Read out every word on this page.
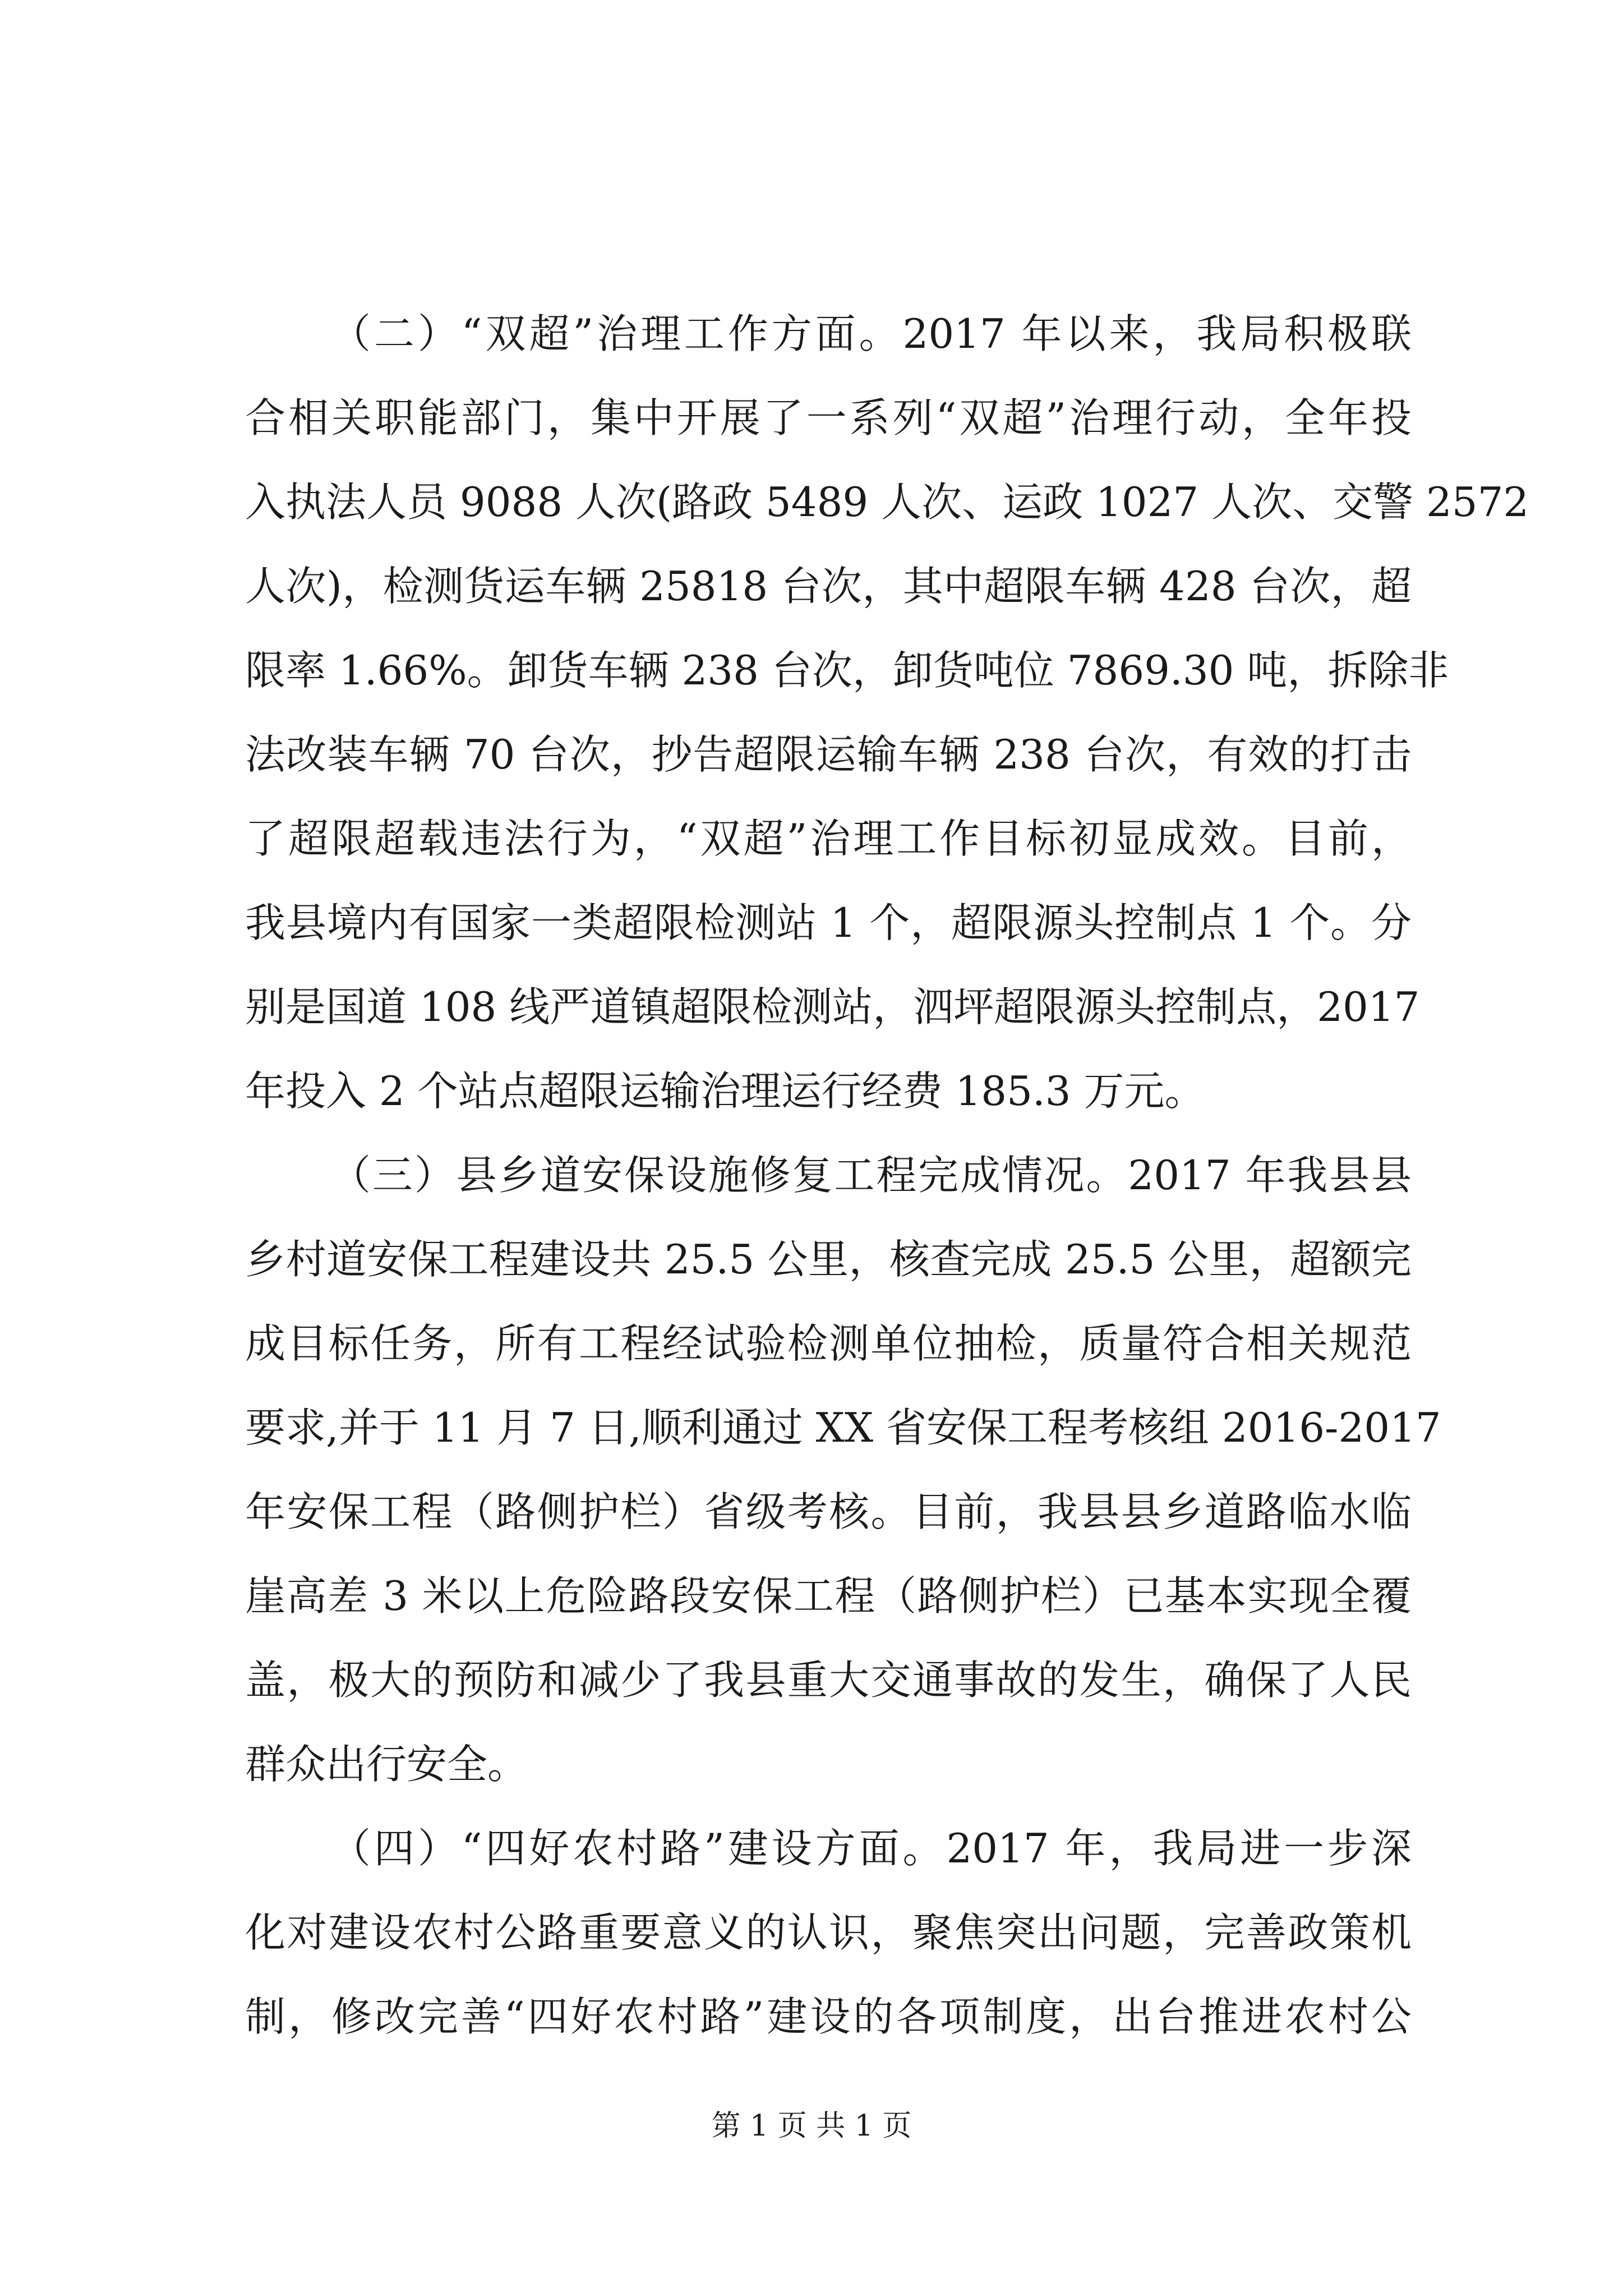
（二）“双超”治理工作方面。2017 年以来，我局积极联
合相关职能部门，集中开展了一系列“双超”治理行动，全年投
入执法人员 9088 人次(路政 5489 人次、运政 1027 人次、交警 2572
人次)，检测货运车辆 25818 台次，其中超限车辆 428 台次，超
限率 1.66%。卸货车辆 238 台次，卸货吨位 7869.30 吨，拆除非
法改装车辆 70 台次，抄告超限运输车辆 238 台次，有效的打击
了超限超载违法行为，“双超”治理工作目标初显成效。目前，
我县境内有国家一类超限检测站 1 个，超限源头控制点 1 个。分
别是国道 108 线严道镇超限检测站，泗坪超限源头控制点，2017
年投入 2 个站点超限运输治理运行经费 185.3 万元。
（三）县乡道安保设施修复工程完成情况。2017 年我县县
乡村道安保工程建设共 25.5 公里，核查完成 25.5 公里，超额完
成目标任务，所有工程经试验检测单位抽检，质量符合相关规范
要求,并于 11 月 7 日,顺利通过 XX 省安保工程考核组 2016-2017
年安保工程（路侧护栏）省级考核。目前，我县县乡道路临水临
崖高差 3 米以上危险路段安保工程（路侧护栏）已基本实现全覆
盖，极大的预防和减少了我县重大交通事故的发生，确保了人民
群众出行安全。
（四）“四好农村路”建设方面。2017 年，我局进一步深
化对建设农村公路重要意义的认识，聚焦突出问题，完善政策机
制，修改完善“四好农村路”建设的各项制度，出台推进农村公
第 1 页 共 1 页
